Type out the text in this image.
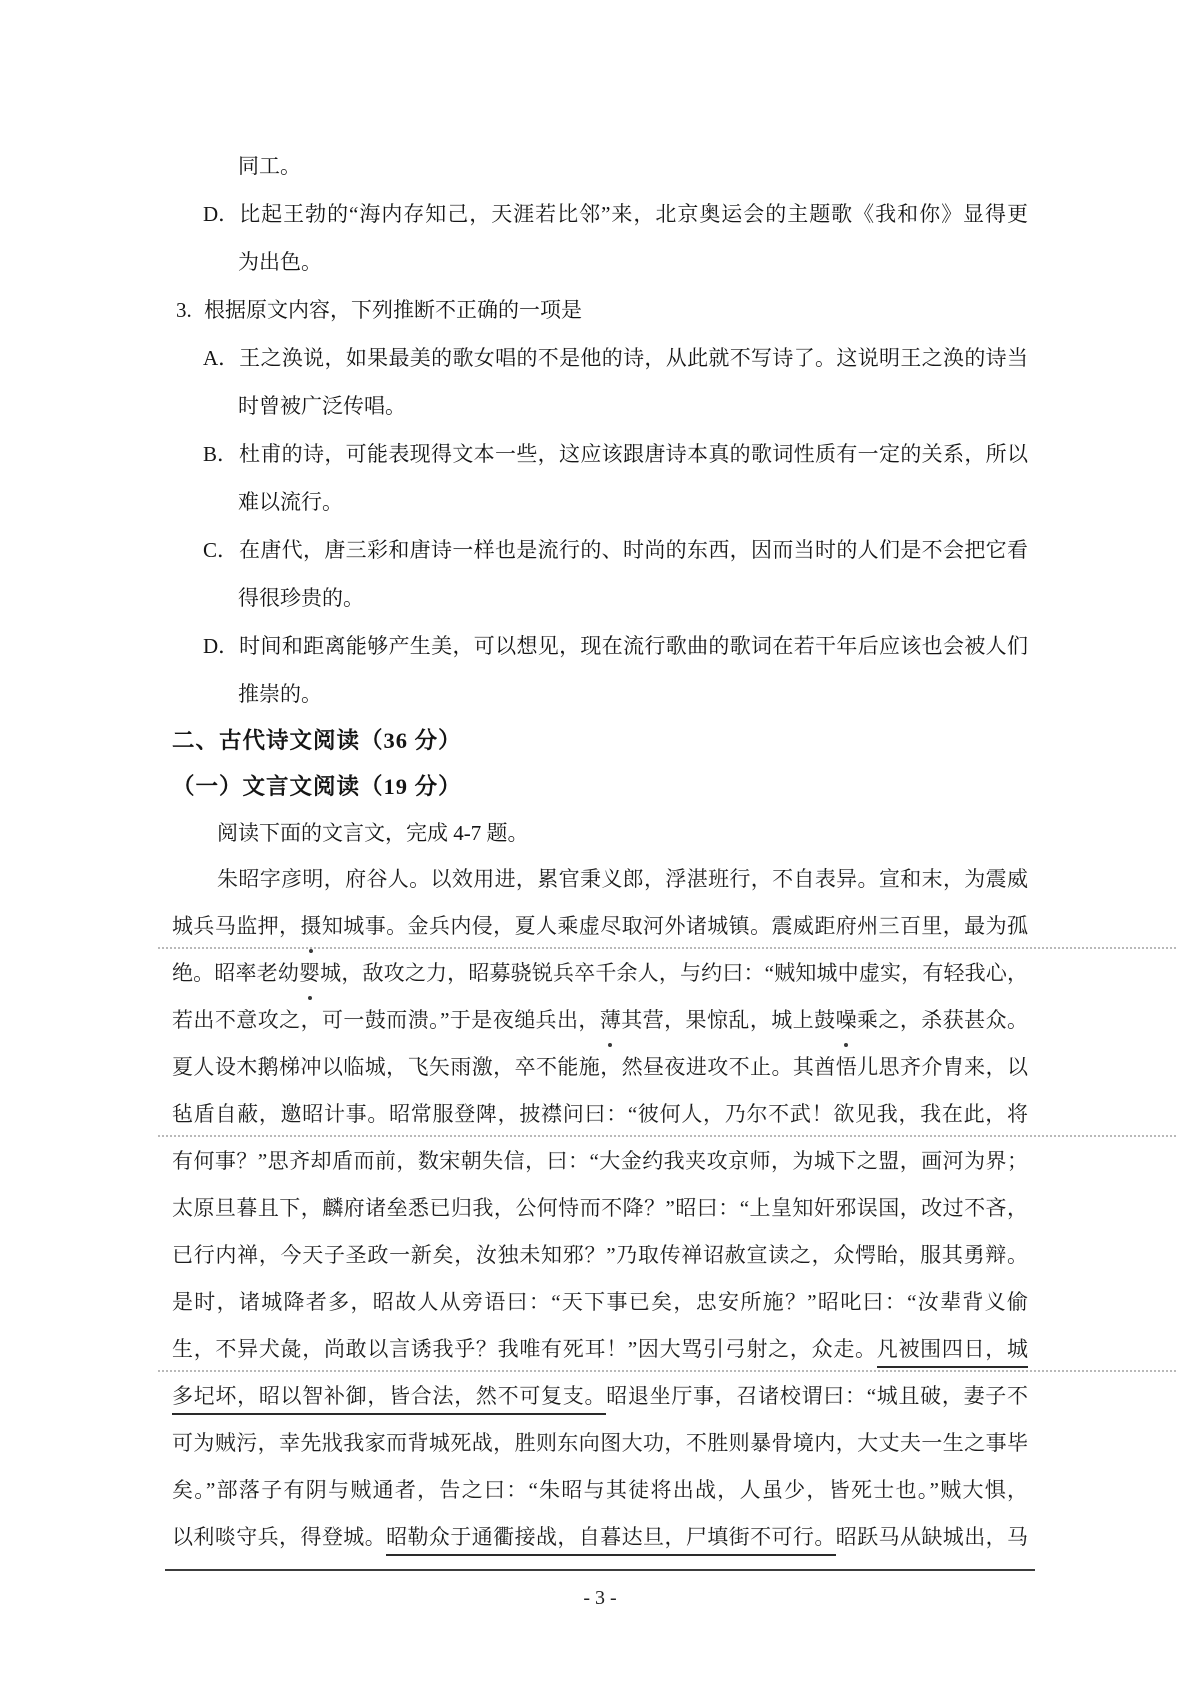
同工。
D． 比起王勃的“海内存知己，天涯若比邻”来，北京奥运会的主题歌《我和你》显得更
为出色。
3. 根据原文内容，下列推断不正确的一项是
A． 王之涣说，如果最美的歌女唱的不是他的诗，从此就不写诗了。这说明王之涣的诗当
时曾被广泛传唱。
B． 杜甫的诗，可能表现得文本一些，这应该跟唐诗本真的歌词性质有一定的关系，所以
难以流行。
C． 在唐代，唐三彩和唐诗一样也是流行的、时尚的东西，因而当时的人们是不会把它看
得很珍贵的。
D． 时间和距离能够产生美，可以想见，现在流行歌曲的歌词在若干年后应该也会被人们
推崇的。
二、古代诗文阅读（36 分）
（一）文言文阅读（19 分）
阅读下面的文言文，完成 4-7 题。
朱昭字彦明，府谷人。以效用进，累官秉义郎，浮湛班行，不自表异。宣和末，为震威
城兵马监押，摄知城事。金兵内侵，夏人乘虚尽取河外诸城镇。震威距府州三百里，最为孤
绝。昭率老幼婴城，敌攻之力，昭募骁锐兵卒千余人，与约曰：“贼知城中虚实，有轻我心，
若出不意攻之，可一鼓而溃。”于是夜缒兵出，薄其营，果惊乱，城上鼓噪乘之，杀获甚众。
夏人设木鹅梯冲以临城，飞矢雨激，卒不能施，然昼夜进攻不止。其酋悟儿思齐介胄来，以
毡盾自蔽，邀昭计事。昭常服登陴，披襟问曰：“彼何人，乃尔不武！欲见我，我在此，将
有何事？”思齐却盾而前，数宋朝失信，曰：“大金约我夹攻京师，为城下之盟，画河为界；
太原旦暮且下，麟府诸垒悉已归我，公何恃而不降？”昭曰：“上皇知奸邪误国，改过不吝，
已行内禅，今天子圣政一新矣，汝独未知邪？”乃取传禅诏赦宣读之，众愕眙，服其勇辩。
是时，诸城降者多，昭故人从旁语曰：“天下事已矣，忠安所施？”昭叱曰：“汝辈背义偷
生，不异犬彘，尚敢以言诱我乎？我唯有死耳！”因大骂引弓射之，众走。凡被围四日，城
多圮坏，昭以智补御，皆合法，然不可复支。昭退坐厅事，召诸校谓曰：“城且破，妻子不
可为贼污，幸先戕我家而背城死战，胜则东向图大功，不胜则暴骨境内，大丈夫一生之事毕
矣。”部落子有阴与贼通者，告之曰：“朱昭与其徒将出战，人虽少，皆死士也。”贼大惧，
以利啖守兵，得登城。昭勒众于通衢接战，自暮达旦，尸填街不可行。昭跃马从缺城出，马
- 3 -
